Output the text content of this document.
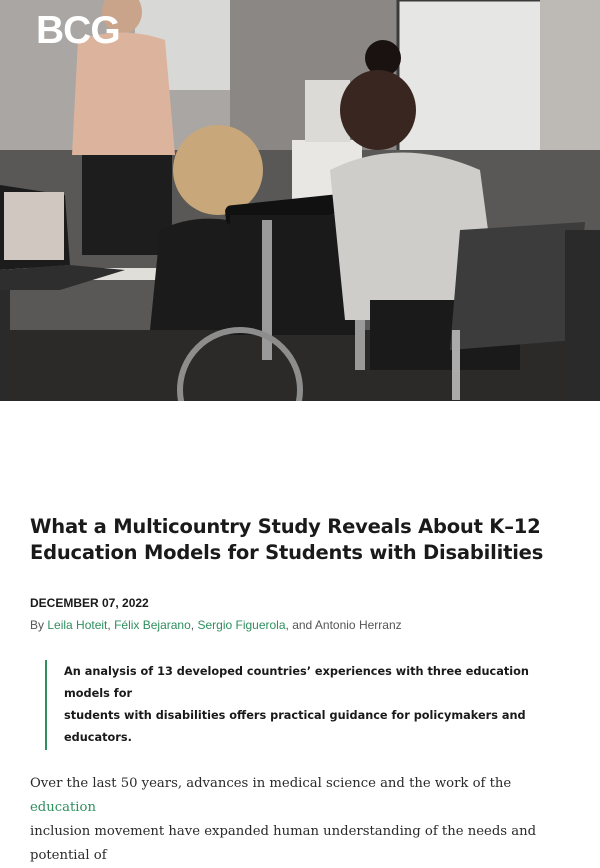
BCG
What a Multicountry Study Reveals About K–12
Education Models for Students with Disabilities
DECEMBER 07, 2022
By Leila Hoteit, Félix Bejarano, Sergio Figuerola, and Antonio Herranz
An analysis of 13 developed countries’ experiences with three education models for
students with disabilities offers practical guidance for policymakers and educators.
Over the last 50 years, advances in medical science and the work of the education
inclusion movement have expanded human understanding of the needs and potential of
